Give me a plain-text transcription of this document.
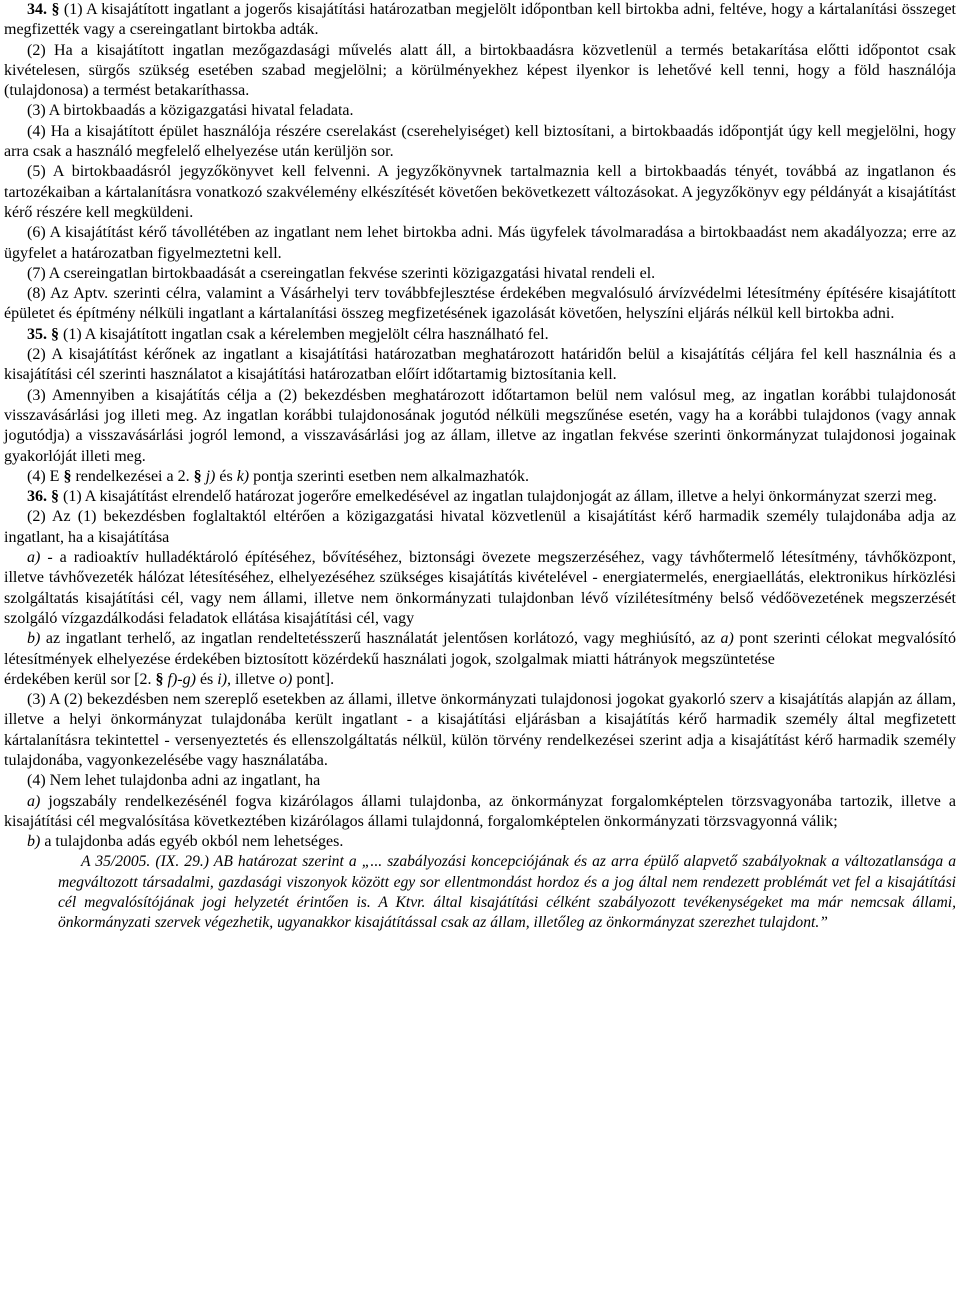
34. § (1) A kisajátított ingatlant a jogerős kisajátítási határozatban megjelölt időpontban kell birtokba adni, feltéve, hogy a kártalanítási összeget megfizették vagy a csereingatlant birtokba adták.

(2) Ha a kisajátított ingatlan mezőgazdasági művelés alatt áll, a birtokbaadásra közvetlenül a termés betakarítása előtti időpontot csak kivételesen, sürgős szükség esetében szabad megjelölni; a körülményekhez képest ilyenkor is lehetővé kell tenni, hogy a föld használója (tulajdonosa) a termést betakaríthassa.

(3) A birtokbaadás a közigazgatási hivatal feladata.

(4) Ha a kisajátított épület használója részére cserelakást (cserehelyiséget) kell biztosítani, a birtokbaadás időpontját úgy kell megjelölni, hogy arra csak a használó megfelelő elhelyezése után kerüljön sor.

(5) A birtokbaadásról jegyzőkönyvet kell felvenni. A jegyzőkönyvnek tartalmaznia kell a birtokbaadás tényét, továbbá az ingatlanon és tartozékaiban a kártalanításra vonatkozó szakvélemény elkészítését követően bekövetkezett változásokat. A jegyzőkönyv egy példányát a kisajátítást kérő részére kell megküldeni.

(6) A kisajátítást kérő távollétében az ingatlant nem lehet birtokba adni. Más ügyfelek távolmaradása a birtokbaadást nem akadályozza; erre az ügyfelet a határozatban figyelmeztetni kell.

(7) A csereingatlan birtokbaadását a csereingatlan fekvése szerinti közigazgatási hivatal rendeli el.

(8) Az Aptv. szerinti célra, valamint a Vásárhelyi terv továbbfejlesztése érdekében megvalósuló árvízvédelmi létesítmény építésére kisajátított épületet és építmény nélküli ingatlant a kártalanítási összeg megfizetésének igazolását követően, helyszíni eljárás nélkül kell birtokba adni.

35. § (1) A kisajátított ingatlan csak a kérelemben megjelölt célra használható fel.

(2) A kisajátítást kérőnek az ingatlant a kisajátítási határozatban meghatározott határidőn belül a kisajátítás céljára fel kell használnia és a kisajátítási cél szerinti használatot a kisajátítási határozatban előírt időtartamig biztosítania kell.

(3) Amennyiben a kisajátítás célja a (2) bekezdésben meghatározott időtartamon belül nem valósul meg, az ingatlan korábbi tulajdonosát visszavásárlási jog illeti meg. Az ingatlan korábbi tulajdonosának jogutód nélküli megszűnése esetén, vagy ha a korábbi tulajdonos (vagy annak jogutódja) a visszavásárlási jogról lemond, a visszavásárlási jog az állam, illetve az ingatlan fekvése szerinti önkormányzat tulajdonosi jogainak gyakorlóját illeti meg.

(4) E § rendelkezései a 2. § j) és k) pontja szerinti esetben nem alkalmazhatók.

36. § (1) A kisajátítást elrendelő határozat jogerőre emelkedésével az ingatlan tulajdonjogát az állam, illetve a helyi önkormányzat szerzi meg.

(2) Az (1) bekezdésben foglaltaktól eltérően a közigazgatási hivatal közvetlenül a kisajátítást kérő harmadik személy tulajdonába adja az ingatlant, ha a kisajátítása

a) - a radioaktív hulladéktároló építéséhez, bővítéséhez, biztonsági övezete megszerzéséhez, vagy távhőtermelő létesítmény, távhőközpont, illetve távhővezeték hálózat létesítéséhez, elhelyezéséhez szükséges kisajátítás kivételével - energiatermelés, energiaellátás, elektronikus hírközlési szolgáltatás kisajátítási cél, vagy nem állami, illetve nem önkormányzati tulajdonban lévő vízilétesítmény belső védőövezetének megszerzését szolgáló vízgazdálkodási feladatok ellátása kisajátítási cél, vagy

b) az ingatlant terhelő, az ingatlan rendeltetésszerű használatát jelentősen korlátozó, vagy meghiúsító, az a) pont szerinti célokat megvalósító létesítmények elhelyezése érdekében biztosított közérdekű használati jogok, szolgalmak miatti hátrányok megszüntetése

érdekében kerül sor [2. § f)-g) és i), illetve o) pont].

(3) A (2) bekezdésben nem szereplő esetekben az állami, illetve önkormányzati tulajdonosi jogokat gyakorló szerv a kisajátítás alapján az állam, illetve a helyi önkormányzat tulajdonába került ingatlant - a kisajátítási eljárásban a kisajátítás kérő harmadik személy által megfizetett kártalanításra tekintettel - versenyeztetés és ellenszolgáltatás nélkül, külön törvény rendelkezései szerint adja a kisajátítást kérő harmadik személy tulajdonába, vagyonkezelésébe vagy használatába.

(4) Nem lehet tulajdonba adni az ingatlant, ha

a) jogszabály rendelkezésénél fogva kizárólagos állami tulajdonba, az önkormányzat forgalomképtelen törzsvagyonába tartozik, illetve a kisajátítási cél megvalósítása következtében kizárólagos állami tulajdonná, forgalomképtelen önkormányzati törzsvagyonná válik;

b) a tulajdonba adás egyéb okból nem lehetséges.

A 35/2005. (IX. 29.) AB határozat szerint a „... szabályozási koncepciójának és az arra épülő alapvető szabályoknak a változatlansága a megváltozott társadalmi, gazdasági viszonyok között egy sor ellentmondást hordoz és a jog által nem rendezett problémát vet fel a kisajátítási cél megvalósítójának jogi helyzetét érintően is. A Ktvr. által kisajátítási célként szabályozott tevékenységeket ma már nemcsak állami, önkormányzati szervek végezhetik, ugyanakkor kisajátítással csak az állam, illetőleg az önkormányzat szerezhet tulajdont.”
